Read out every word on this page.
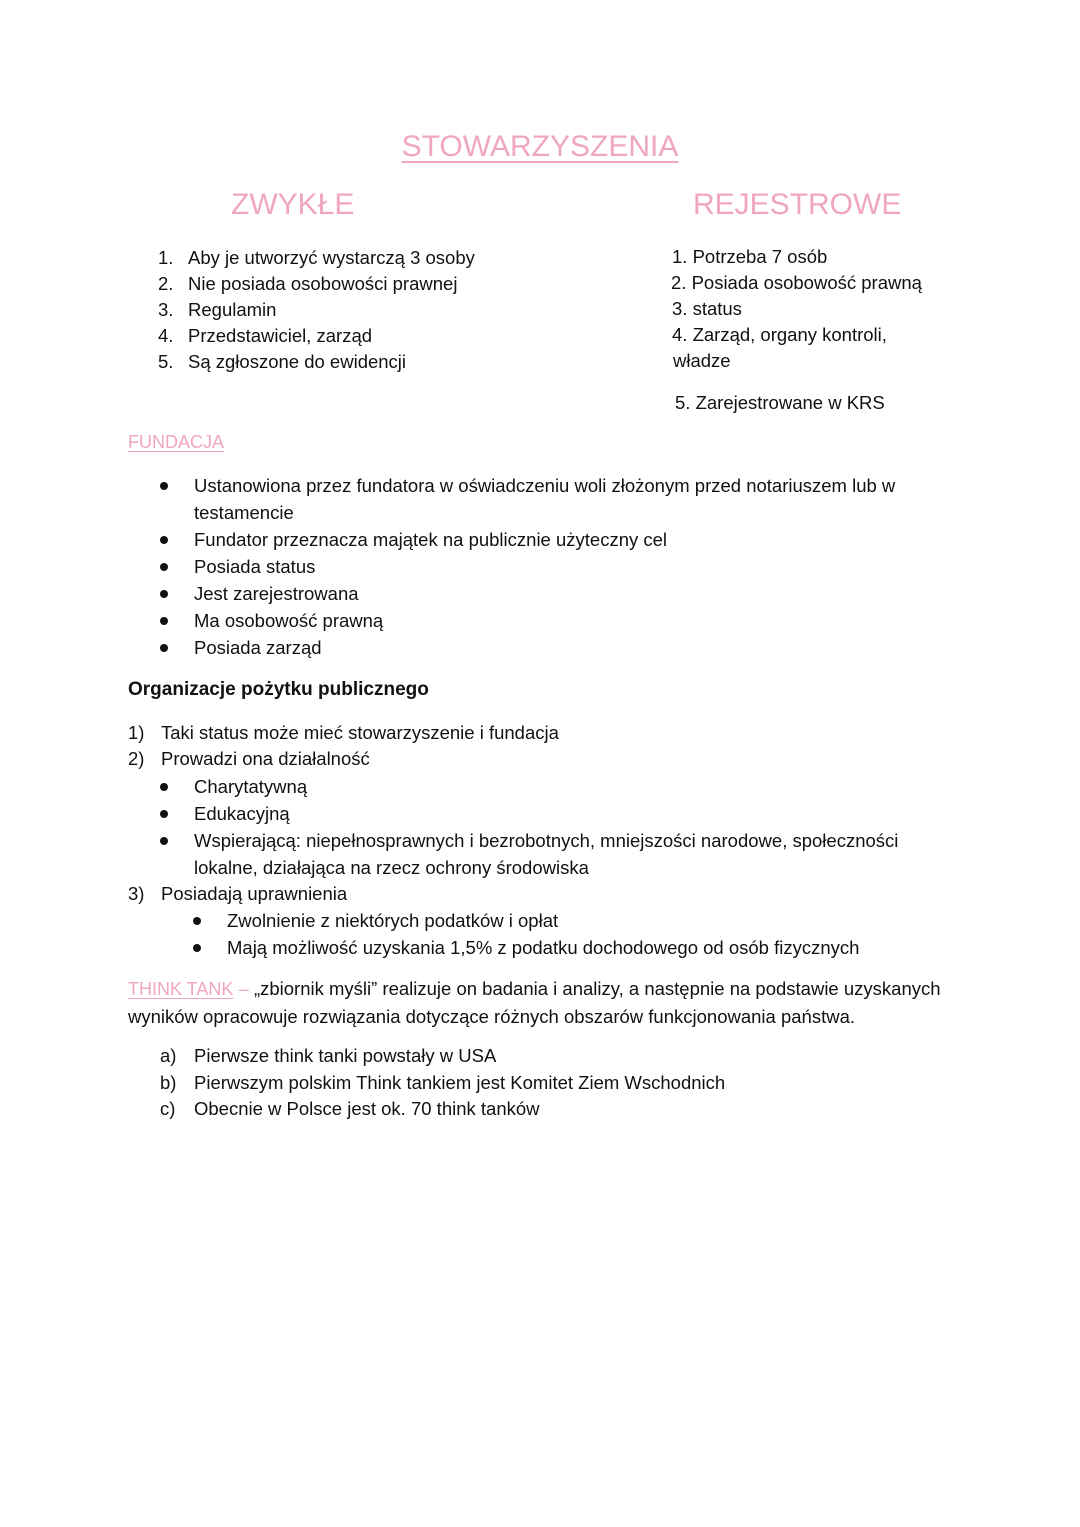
STOWARZYSZENIA
ZWYKŁE	REJESTROWE
1. Aby je utworzyć wystarczą 3 osoby
2. Nie posiada osobowości prawnej
3. Regulamin
4. Przedstawiciel, zarząd
5. Są zgłoszone do ewidencji
1. Potrzeba 7 osób
2. Posiada osobowość prawną
3. status
4. Zarząd, organy kontroli,
władze
5. Zarejestrowane w KRS
FUNDACJA
Ustanowiona przez fundatora w oświadczeniu woli złożonym przed notariuszem lub w
testamencie
Fundator przeznacza majątek na publicznie użyteczny cel
Posiada status
Jest zarejestrowana
Ma osobowość prawną
Posiada zarząd
Organizacje pożytku publicznego
1) Taki status może mieć stowarzyszenie i fundacja
2) Prowadzi ona działalność
Charytatywną
Edukacyjną
Wspierającą: niepełnosprawnych i bezrobotnych, mniejszości narodowe, społeczności
lokalne, działająca na rzecz ochrony środowiska
3) Posiadają uprawnienia
Zwolnienie z niektórych podatków i opłat
Mają możliwość uzyskania 1,5% z podatku dochodowego od osób fizycznych
THINK TANK – „zbiornik myśli” realizuje on badania i analizy, a następnie na podstawie uzyskanych
wyników opracowuje rozwiązania dotyczące różnych obszarów funkcjonowania państwa.
a) Pierwsze think tanki powstały w USA
b) Pierwszym polskim Think tankiem jest Komitet Ziem Wschodnich
c)	Obecnie w Polsce jest ok. 70 think tanków
